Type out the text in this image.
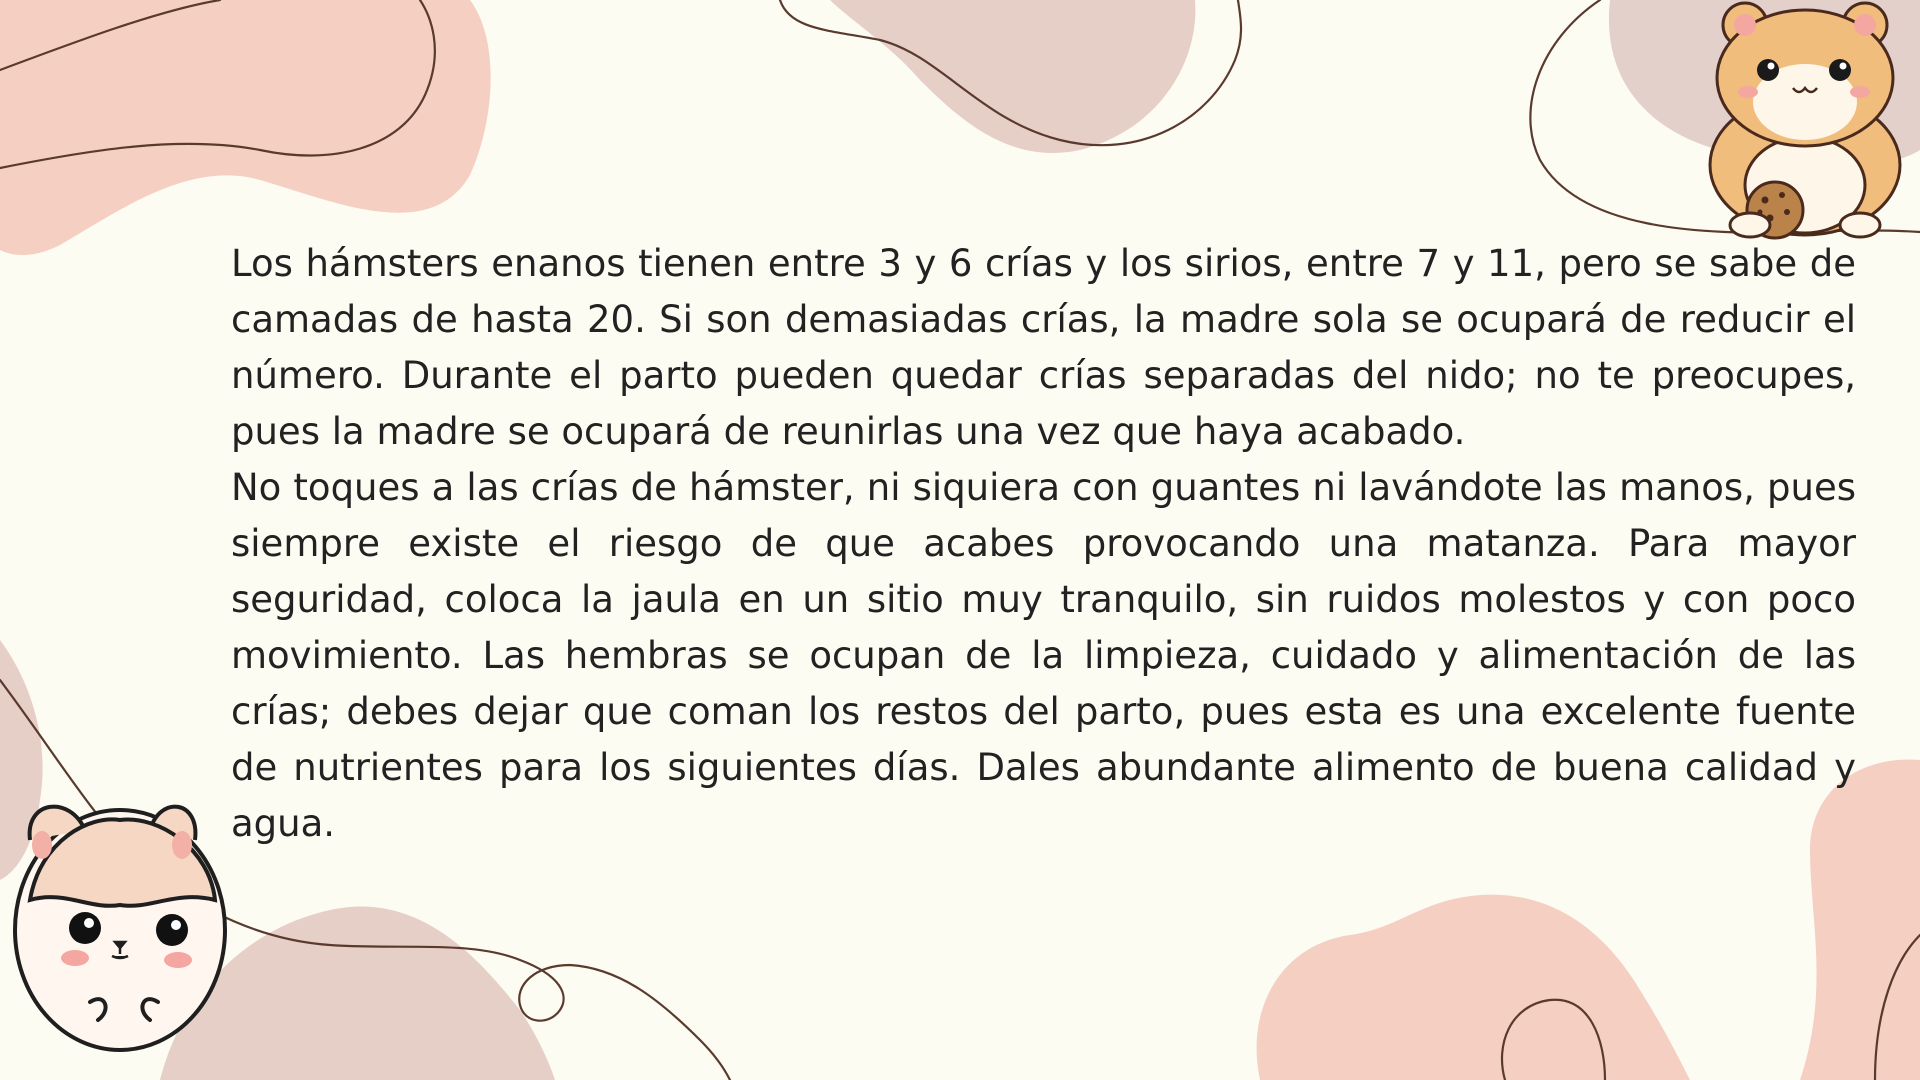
Los hámsters enanos tienen entre 3 y 6 crías y los sirios, entre 7 y 11, pero se sabe de camadas de hasta 20. Si son demasiadas crías, la madre sola se ocupará de reducir el número. Durante el parto pueden quedar crías separadas del nido; no te preocupes, pues la madre se ocupará de reunirlas una vez que haya acabado.

No toques a las crías de hámster, ni siquiera con guantes ni lavándote las manos, pues siempre existe el riesgo de que acabes provocando una matanza. Para mayor seguridad, coloca la jaula en un sitio muy tranquilo, sin ruidos molestos y con poco movimiento. Las hembras se ocupan de la limpieza, cuidado y alimentación de las crías; debes dejar que coman los restos del parto, pues esta es una excelente fuente de nutrientes para los siguientes días. Dales abundante alimento de buena calidad y agua.
